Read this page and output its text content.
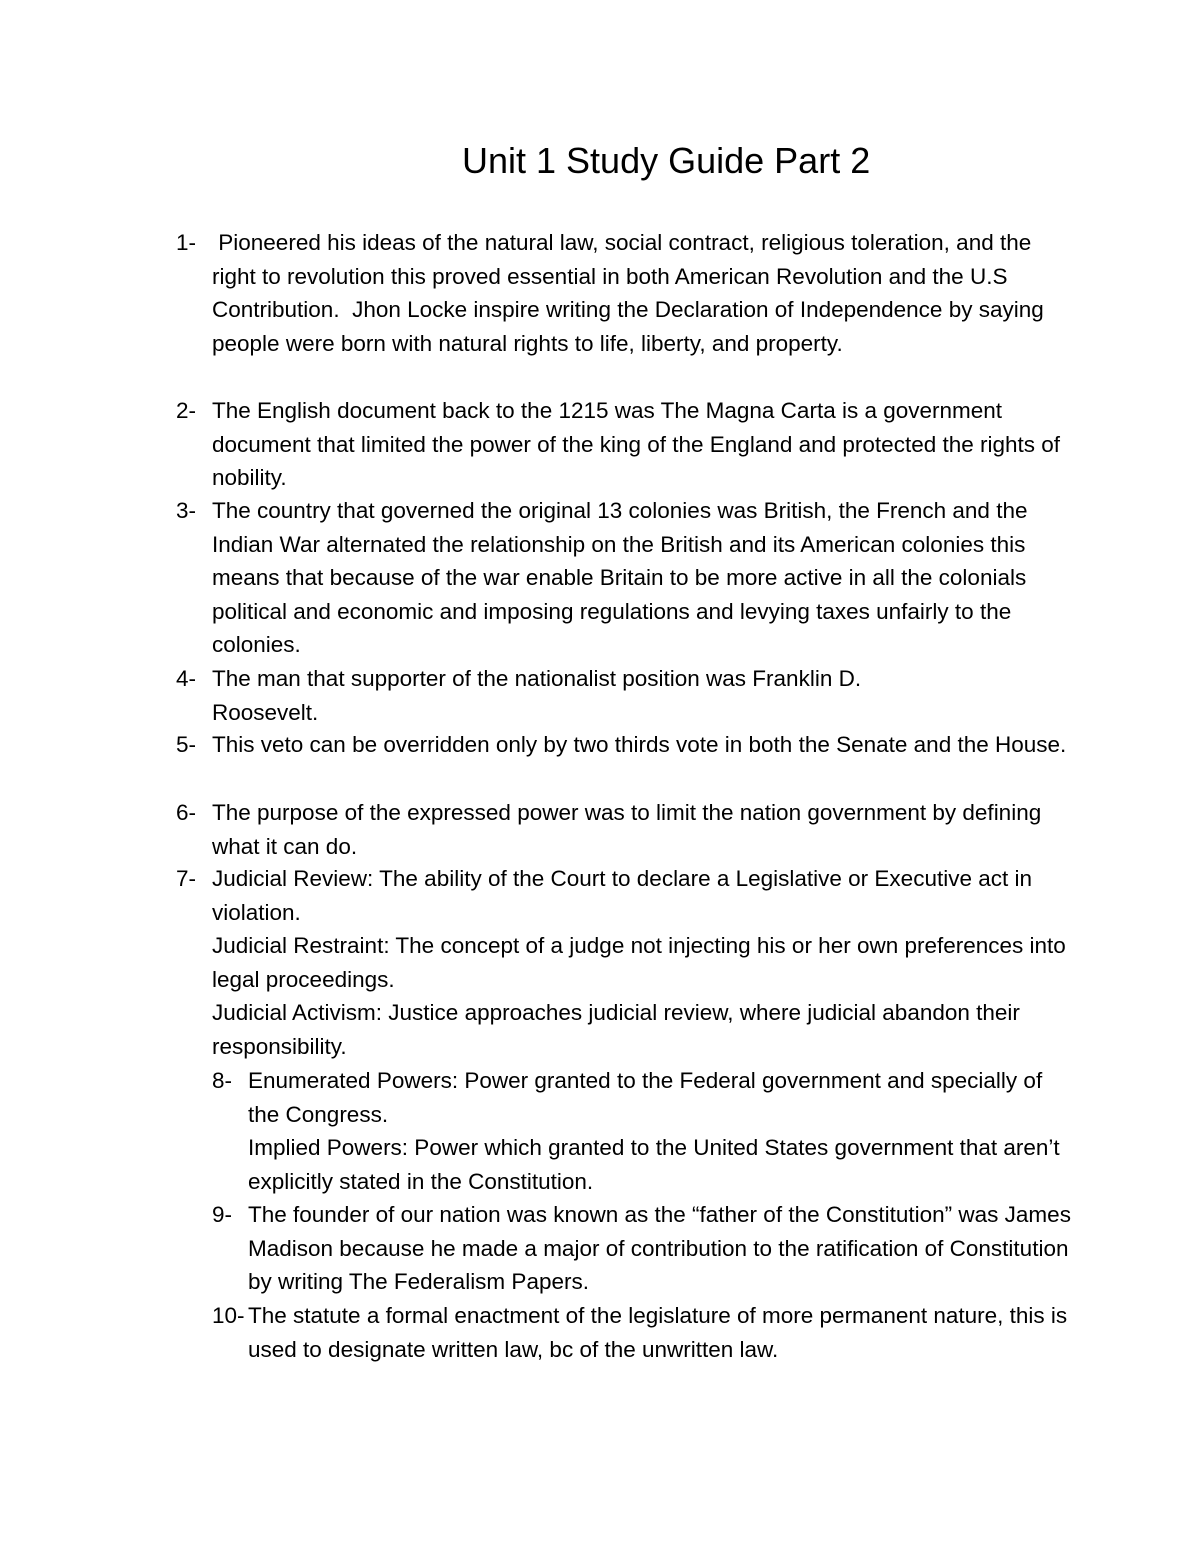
Unit 1 Study Guide Part 2
1- Pioneered his ideas of the natural law, social contract, religious toleration, and the right to revolution this proved essential in both American Revolution and the U.S Contribution.  Jhon Locke inspire writing the Declaration of Independence by saying people were born with natural rights to life, liberty, and property.
2- The English document back to the 1215 was The Magna Carta is a government document that limited the power of the king of the England and protected the rights of nobility.
3- The country that governed the original 13 colonies was British, the French and the Indian War alternated the relationship on the British and its American colonies this means that because of the war enable Britain to be more active in all the colonials political and economic and imposing regulations and levying taxes unfairly to the colonies.
4- The man that supporter of the nationalist position was Franklin D. Roosevelt.
5- This veto can be overridden only by two thirds vote in both the Senate and the House.
6- The purpose of the expressed power was to limit the nation government by defining what it can do.
7- Judicial Review: The ability of the Court to declare a Legislative or Executive act in violation.
Judicial Restraint: The concept of a judge not injecting his or her own preferences into legal proceedings.
Judicial Activism: Justice approaches judicial review, where judicial abandon their responsibility.
8- Enumerated Powers: Power granted to the Federal government and specially of the Congress.
Implied Powers: Power which granted to the United States government that aren’t explicitly stated in the Constitution.
9- The founder of our nation was known as the “father of the Constitution” was James Madison because he made a major of contribution to the ratification of Constitution by writing The Federalism Papers.
10- The statute a formal enactment of the legislature of more permanent nature, this is used to designate written law, bc of the unwritten law.
